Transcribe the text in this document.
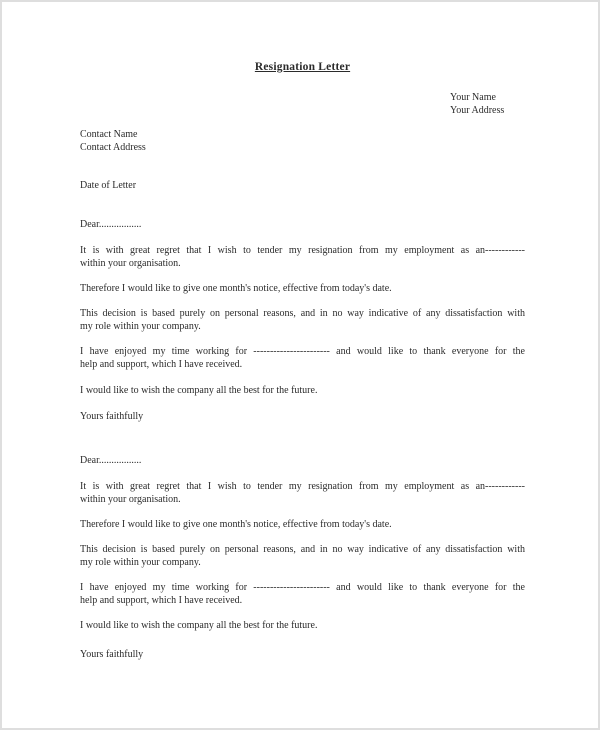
Resignation Letter
Your Name
Your Address
Contact Name
Contact Address
Date of Letter
Dear.................
It is with great regret that I wish to tender my resignation from my employment as an------------
within your organisation.
Therefore I would like to give one month's notice, effective from today's date.
This decision is based purely on personal reasons, and in no way indicative of any dissatisfaction with
my role within your company.
I have enjoyed my time working for ----------------------- and would like to thank everyone for the
help and support, which I have received.
I would like to wish the company all the best for the future.
Yours faithfully
Dear.................
It is with great regret that I wish to tender my resignation from my employment as an------------
within your organisation.
Therefore I would like to give one month's notice, effective from today's date.
This decision is based purely on personal reasons, and in no way indicative of any dissatisfaction with
my role within your company.
I have enjoyed my time working for ----------------------- and would like to thank everyone for the
help and support, which I have received.
I would like to wish the company all the best for the future.
Yours faithfully
